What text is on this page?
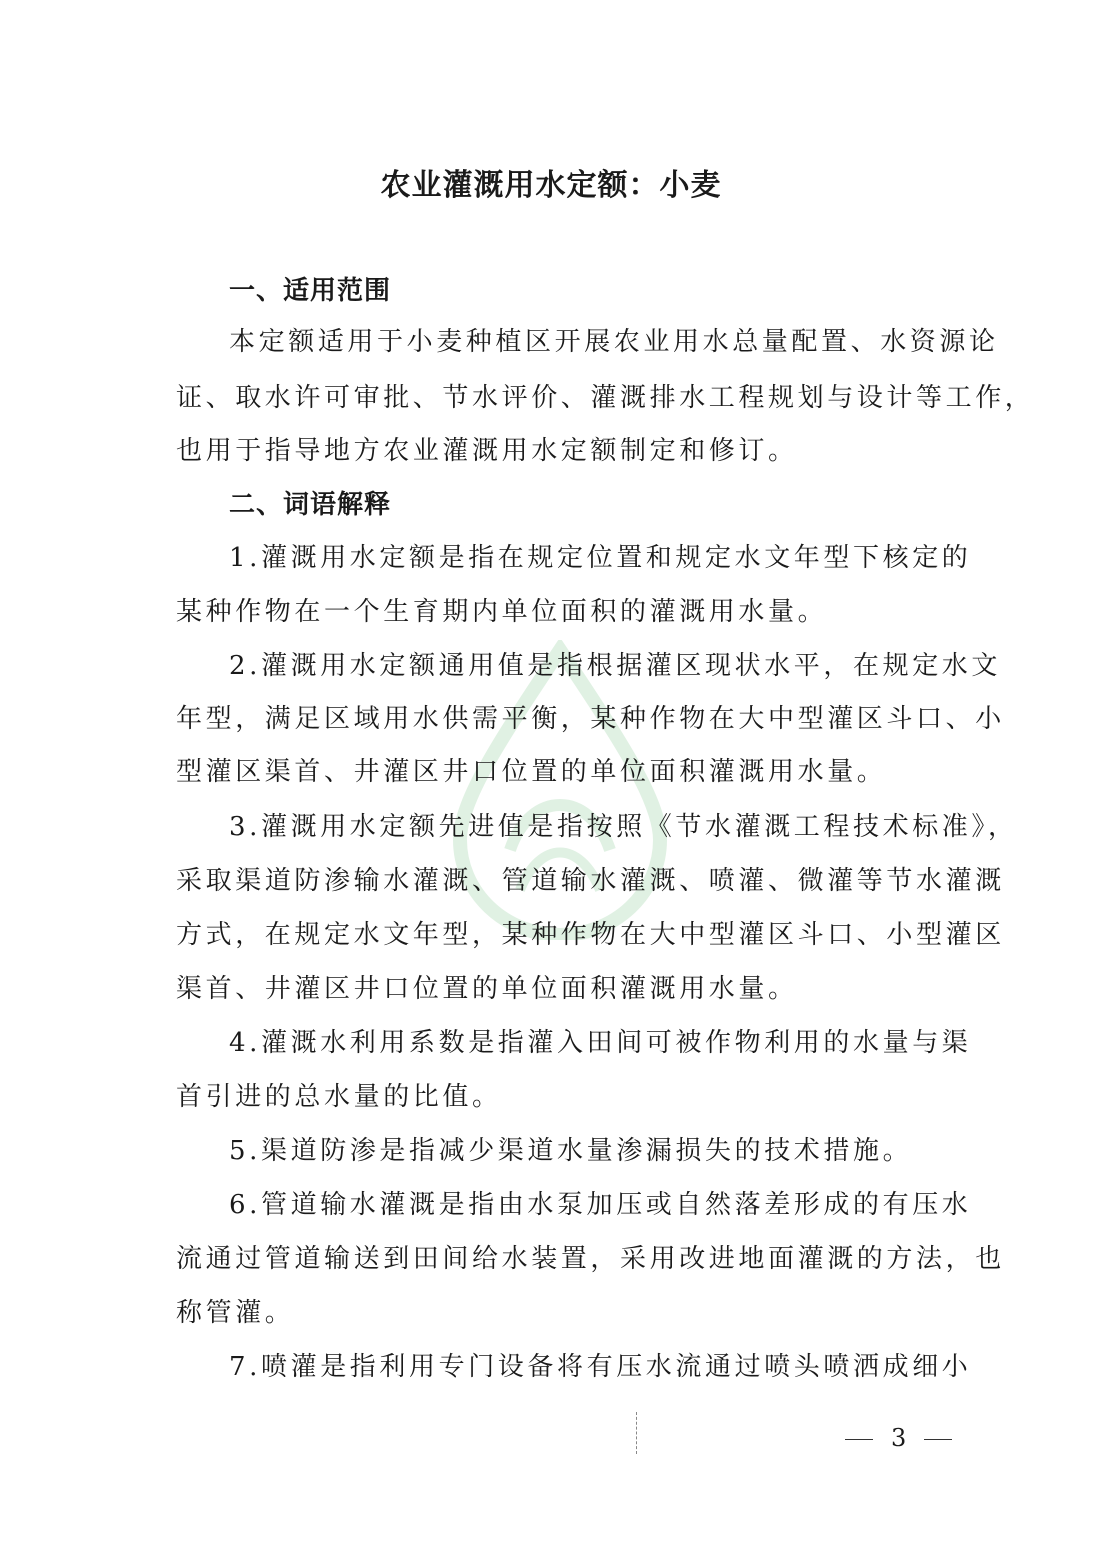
农业灌溉用水定额：小麦
一、适用范围
本定额适用于小麦种植区开展农业用水总量配置、水资源论
证、取水许可审批、节水评价、灌溉排水工程规划与设计等工作，
也用于指导地方农业灌溉用水定额制定和修订。
二、词语解释
1.灌溉用水定额是指在规定位置和规定水文年型下核定的
某种作物在一个生育期内单位面积的灌溉用水量。
2.灌溉用水定额通用值是指根据灌区现状水平，在规定水文
年型，满足区域用水供需平衡，某种作物在大中型灌区斗口、小
型灌区渠首、井灌区井口位置的单位面积灌溉用水量。
3.灌溉用水定额先进值是指按照《节水灌溉工程技术标准》，
采取渠道防渗输水灌溉、管道输水灌溉、喷灌、微灌等节水灌溉
方式，在规定水文年型，某种作物在大中型灌区斗口、小型灌区
渠首、井灌区井口位置的单位面积灌溉用水量。
4.灌溉水利用系数是指灌入田间可被作物利用的水量与渠
首引进的总水量的比值。
5.渠道防渗是指减少渠道水量渗漏损失的技术措施。
6.管道输水灌溉是指由水泵加压或自然落差形成的有压水
流通过管道输送到田间给水装置，采用改进地面灌溉的方法，也
称管灌。
7.喷灌是指利用专门设备将有压水流通过喷头喷洒成细小
3
